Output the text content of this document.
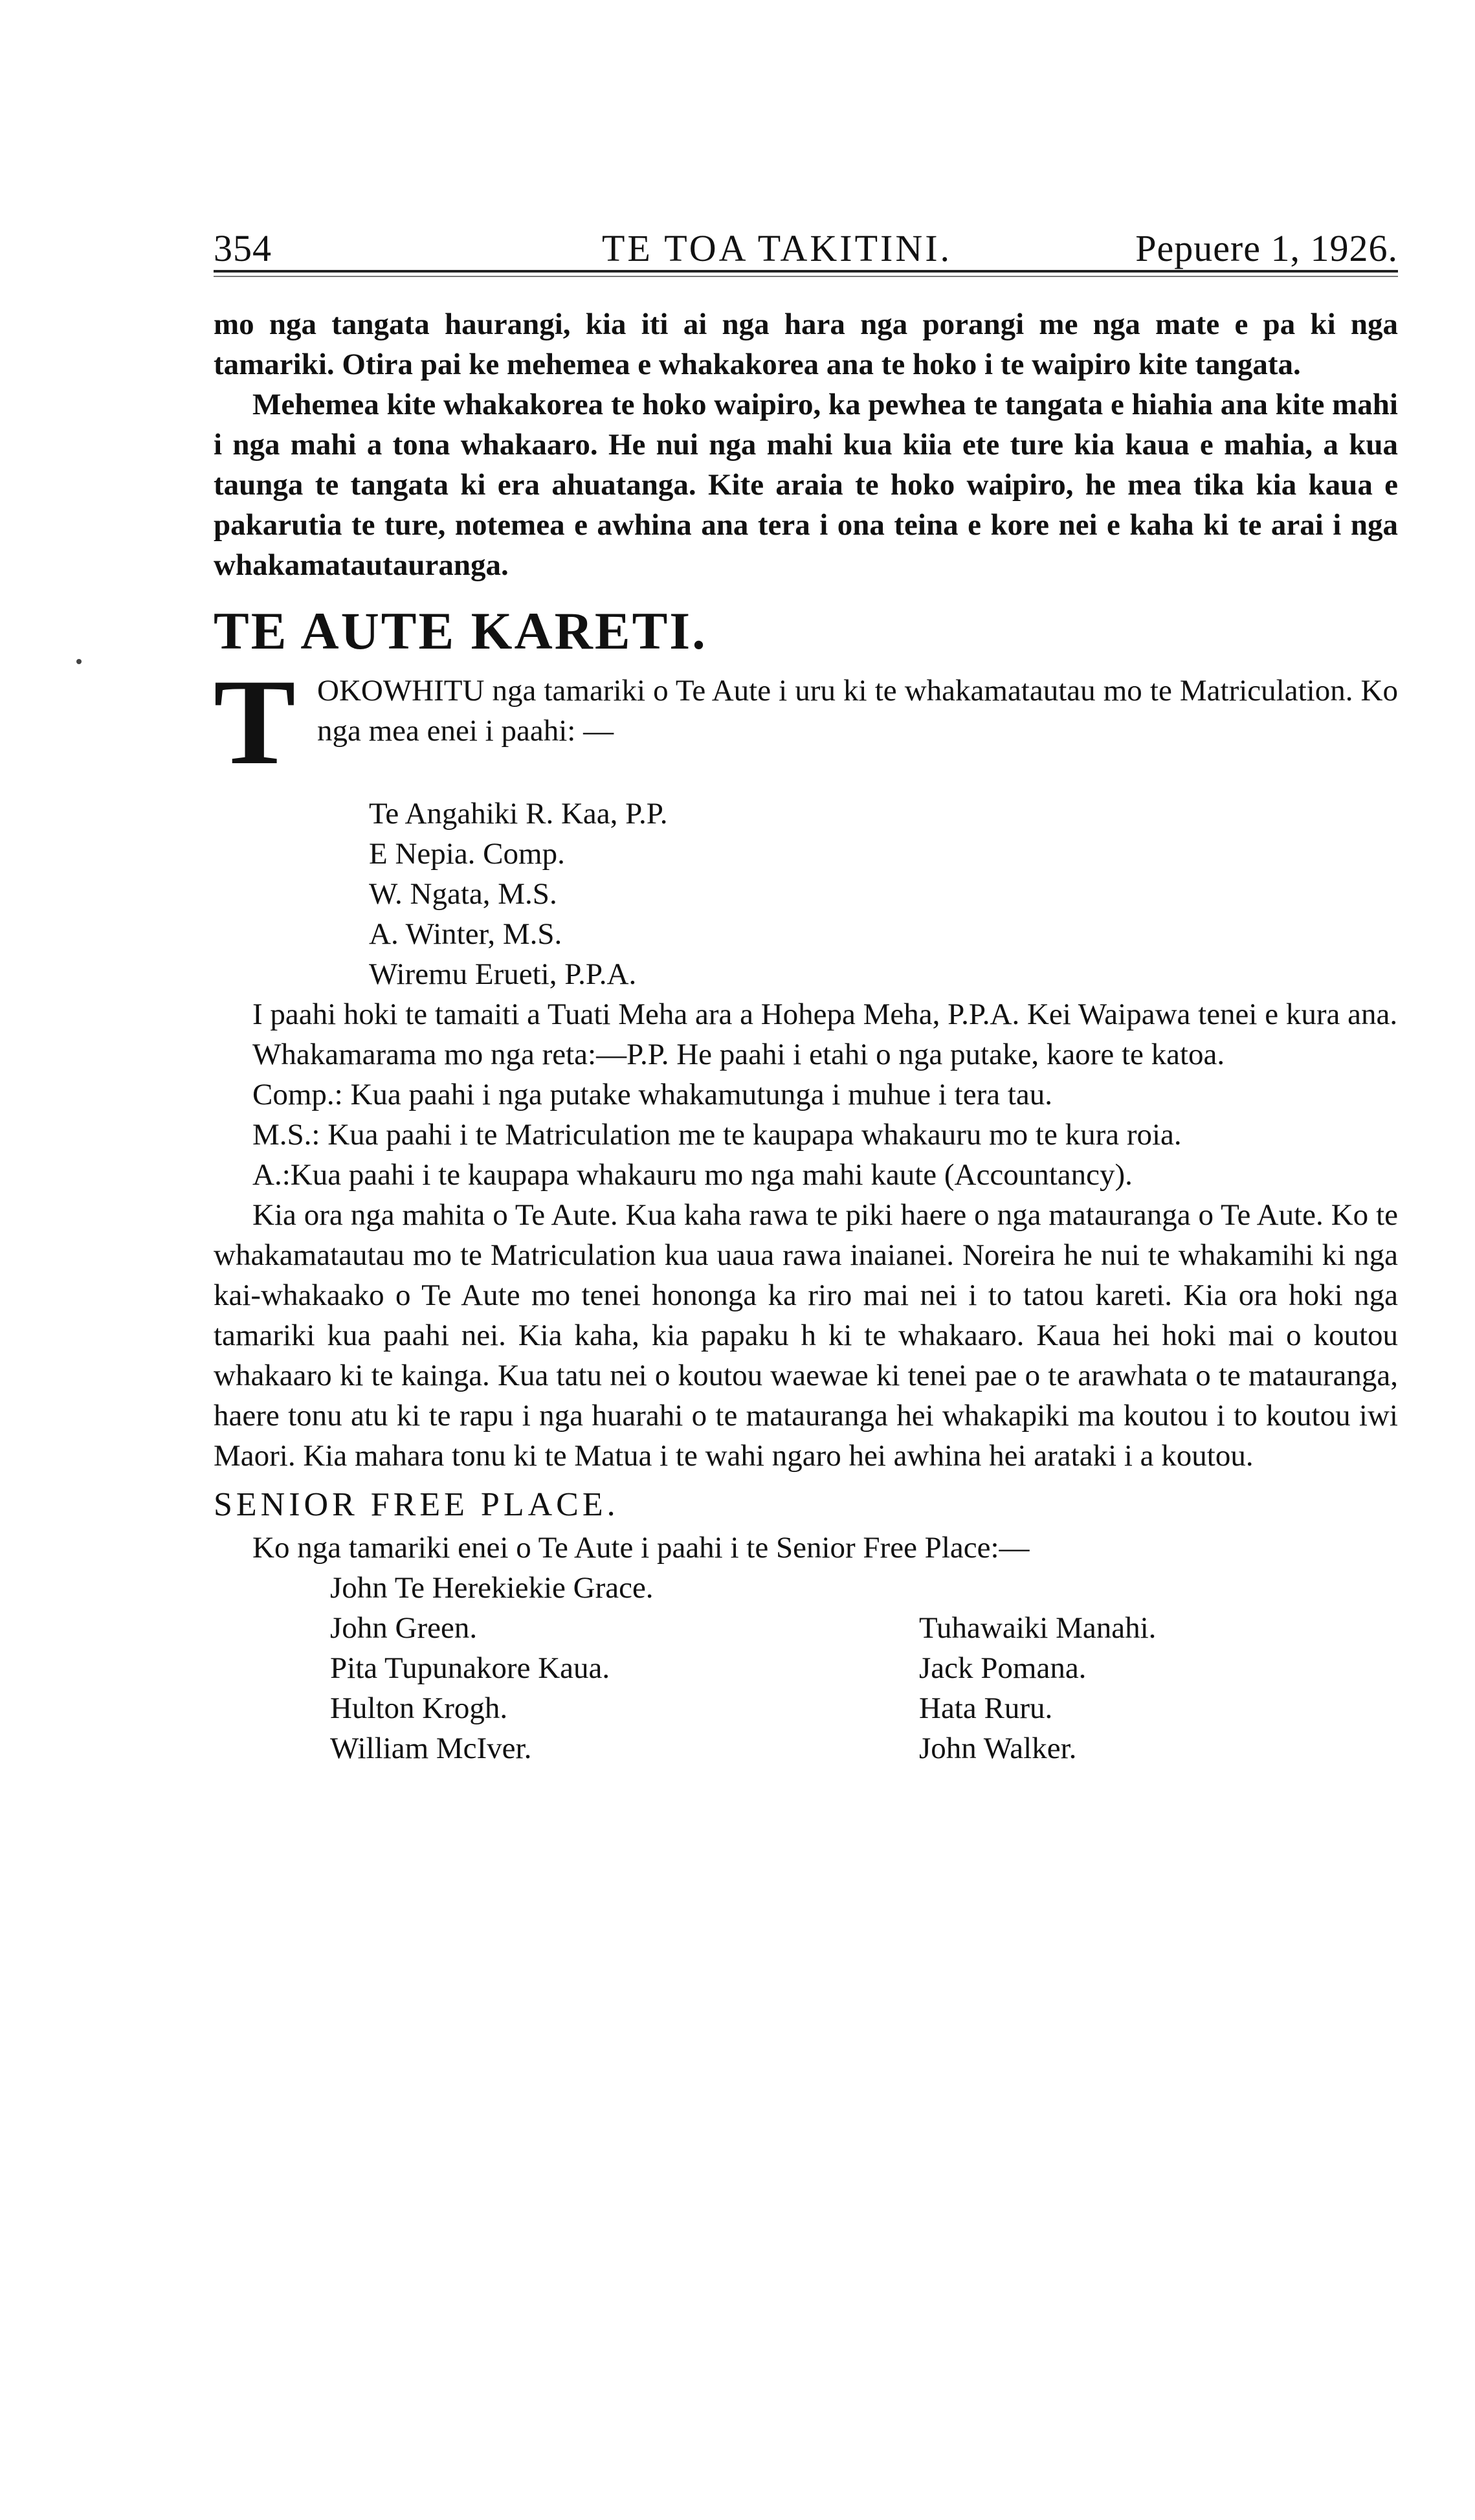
354	TE TOA TAKITINI.	Pepuere 1, 1926.

mo nga tangata haurangi, kia iti ai nga hara nga porangi me nga mate e pa ki nga tamariki. Otira pai ke mehemea e whakakorea ana te hoko i te waipiro kite tangata.

Mehemea kite whakakorea te hoko waipiro, ka pewhea te tangata e hiahia ana kite mahi i nga mahi a tona whakaaro. He nui nga mahi kua kiia ete ture kia kaua e mahia, a kua taunga te tangata ki era ahuatanga. Kite araia te hoko waipiro, he mea tika kia kaua e pakarutia te ture, notemea e awhina ana tera i ona teina e kore nei e kaha ki te arai i nga whakamatautauranga.

TE AUTE KARETI.

T OKOWHITU nga tamariki o Te Aute i uru ki te whakamatautau mo te Matriculation. Ko nga mea enei i paahi: —

Te Angahiki R. Kaa, P.P.
E Nepia. Comp.
W. Ngata, M.S.
A. Winter, M.S.
Wiremu Erueti, P.P.A.

I paahi hoki te tamaiti a Tuati Meha ara a Hohepa Meha, P.P.A. Kei Waipawa tenei e kura ana.

Whakamarama mo nga reta:—P.P. He paahi i etahi o nga putake, kaore te katoa.

Comp.: Kua paahi i nga putake whakamutunga i muhue i tera tau.

M.S.: Kua paahi i te Matriculation me te kaupapa whakauru mo te kura roia.

A.:Kua paahi i te kaupapa whakauru mo nga mahi kaute (Accountancy).

Kia ora nga mahita o Te Aute. Kua kaha rawa te piki haere o nga matauranga o Te Aute. Ko te whakamatautau mo te Matriculation kua uaua rawa inaianei. Noreira he nui te whakamihi ki nga kai-whakaako o Te Aute mo tenei hononga ka riro mai nei i to tatou kareti. Kia ora hoki nga tamariki kua paahi nei. Kia kaha, kia papaku h ki te whakaaro. Kaua hei hoki mai o koutou whakaaro ki te kainga. Kua tatu nei o koutou waewae ki tenei pae o te arawhata o te matauranga, haere tonu atu ki te rapu i nga huarahi o te matauranga hei whakapiki ma koutou i to koutou iwi Maori. Kia mahara tonu ki te Matua i te wahi ngaro hei awhina hei arataki i a koutou.

SENIOR FREE PLACE.

Ko nga tamariki enei o Te Aute i paahi i te Senior Free Place:—

John Te Herekiekie Grace.
John Green.
Pita Tupunakore Kaua.
Hulton Krogh.
William McIver.
Tuhawaiki Manahi.
Jack Pomana.
Hata Ruru.
John Walker.
